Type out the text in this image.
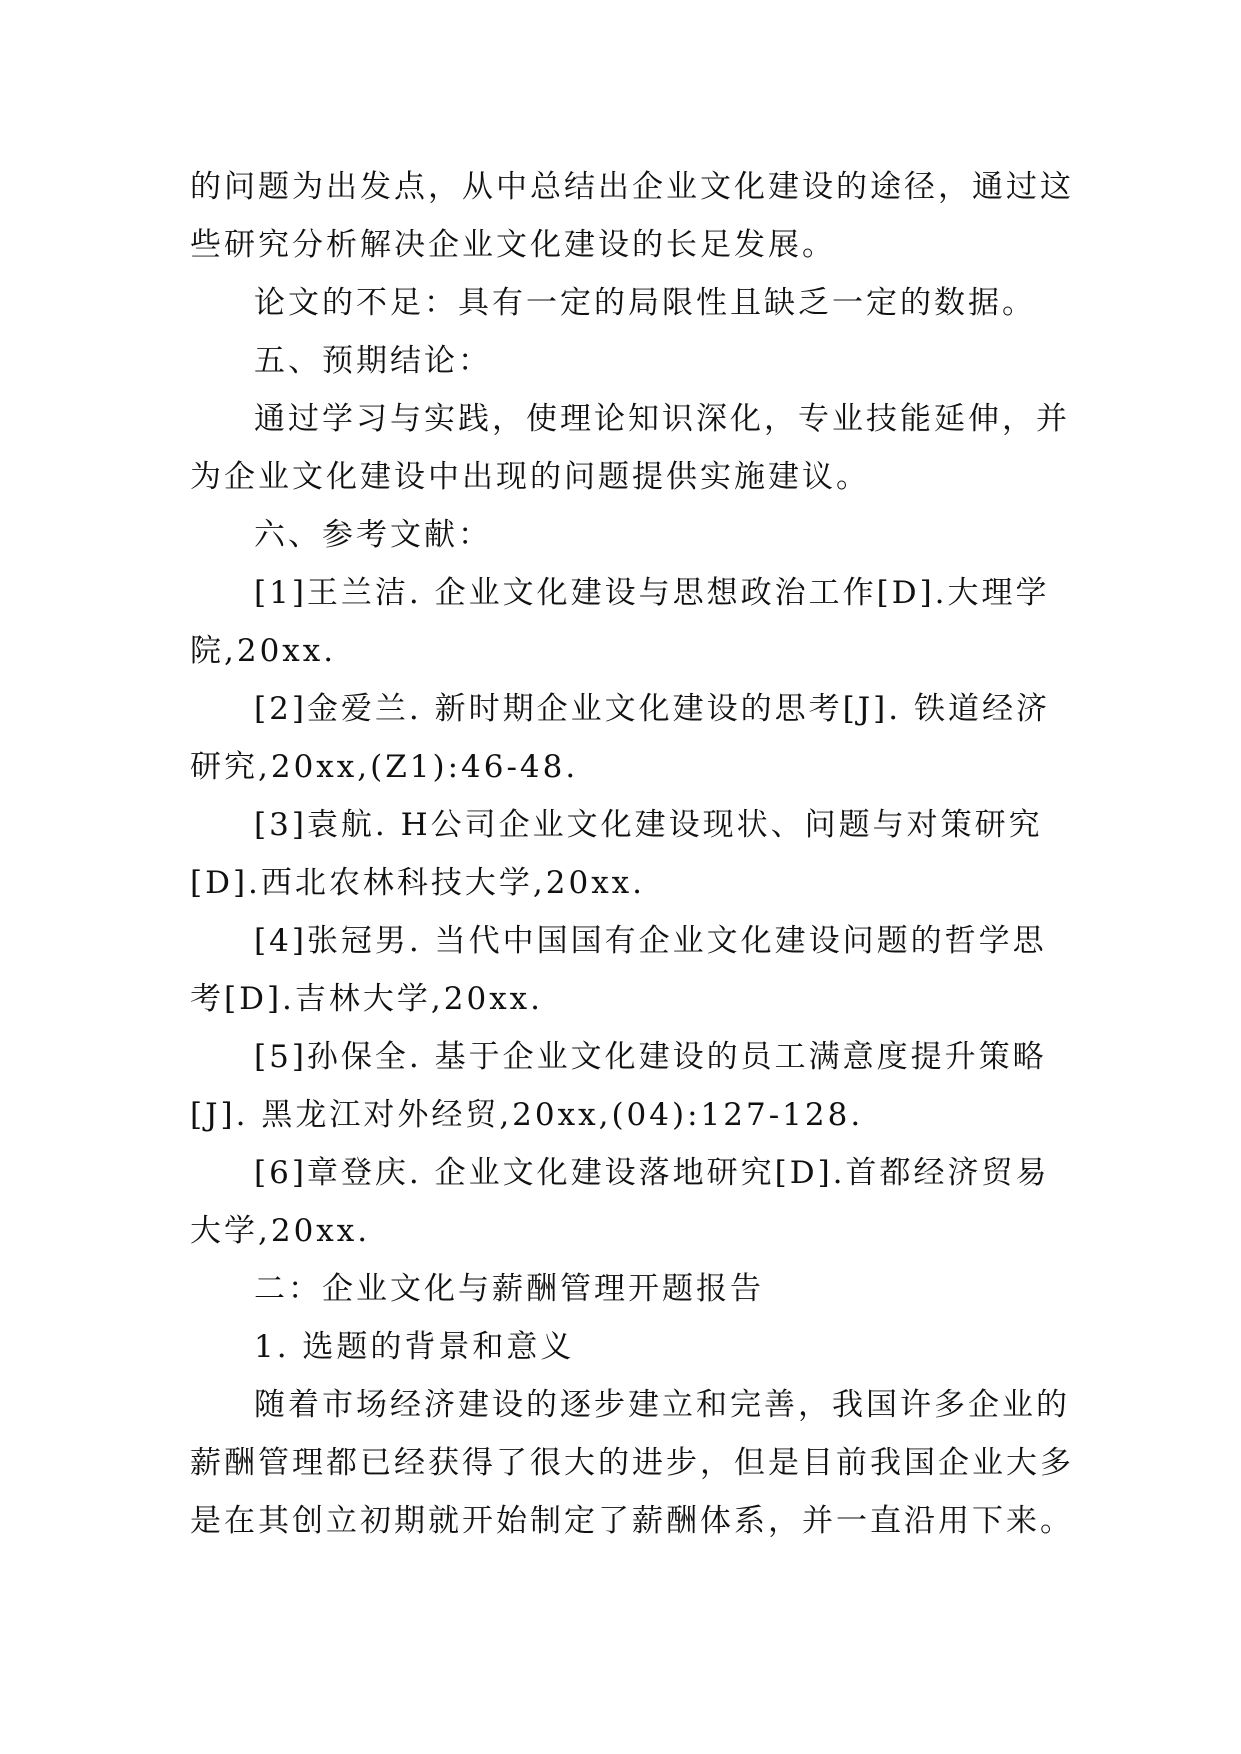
的问题为出发点，从中总结出企业文化建设的途径，通过这
些研究分析解决企业文化建设的长足发展。
论文的不足：具有一定的局限性且缺乏一定的数据。
五、预期结论：
通过学习与实践，使理论知识深化，专业技能延伸，并
为企业文化建设中出现的问题提供实施建议。
六、参考文献：
[1]王兰洁. 企业文化建设与思想政治工作[D].大理学
院,20xx.
[2]金爱兰. 新时期企业文化建设的思考[J]. 铁道经济
研究,20xx,(Z1):46-48.
[3]袁航. H公司企业文化建设现状、问题与对策研究
[D].西北农林科技大学,20xx.
[4]张冠男. 当代中国国有企业文化建设问题的哲学思
考[D].吉林大学,20xx.
[5]孙保全. 基于企业文化建设的员工满意度提升策略
[J]. 黑龙江对外经贸,20xx,(04):127-128.
[6]章登庆. 企业文化建设落地研究[D].首都经济贸易
大学,20xx.
二：企业文化与薪酬管理开题报告
1. 选题的背景和意义
随着市场经济建设的逐步建立和完善，我国许多企业的
薪酬管理都已经获得了很大的进步，但是目前我国企业大多
是在其创立初期就开始制定了薪酬体系，并一直沿用下来。
